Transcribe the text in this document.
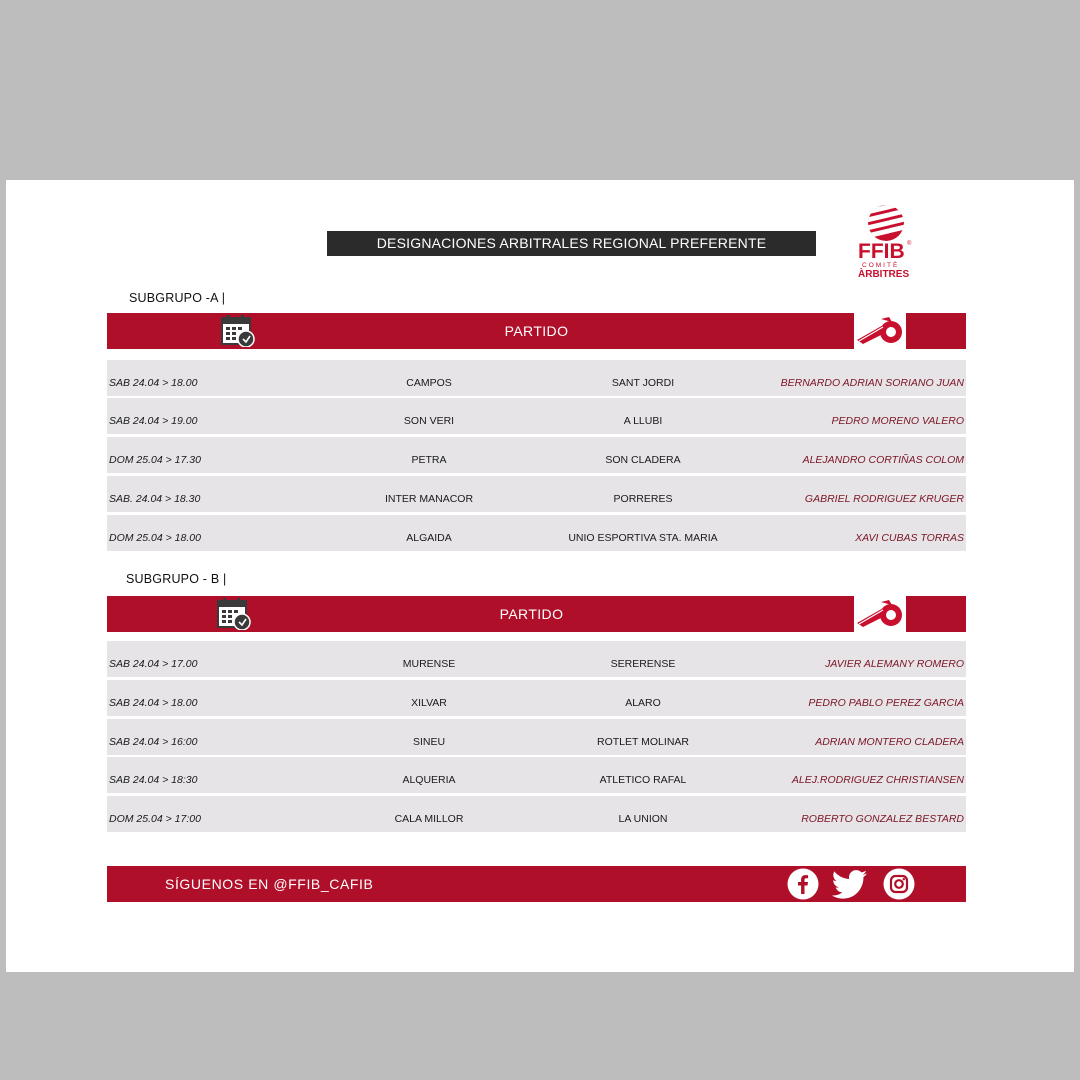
DESIGNACIONES ARBITRALES REGIONAL PREFERENTE	FFIB ®
COMITÈ
ÀRBITRES
SUBGRUPO -A |
PARTIDO
SAB 24.04 > 18.00	CAMPOS	SANT JORDI	BERNARDO ADRIAN SORIANO JUAN
SAB 24.04 > 19.00	SON VERI	A LLUBI	PEDRO MORENO VALERO
DOM 25.04 > 17.30	PETRA	SON CLADERA	ALEJANDRO CORTIÑAS COLOM
SAB. 24.04 > 18.30	INTER MANACOR	PORRERES	GABRIEL RODRIGUEZ KRUGER
DOM 25.04 > 18.00	ALGAIDA	UNIO ESPORTIVA STA. MARIA	XAVI CUBAS TORRAS
SUBGRUPO - B |
PARTIDO
SAB 24.04 > 17.00	MURENSE	SERERENSE	JAVIER ALEMANY ROMERO
SAB 24.04 > 18.00	XILVAR	ALARO	PEDRO PABLO PEREZ GARCIA
SAB 24.04 > 16:00	SINEU	ROTLET MOLINAR	ADRIAN MONTERO CLADERA
SAB 24.04 > 18:30	ALQUERIA	ATLETICO RAFAL	ALEJ.RODRIGUEZ CHRISTIANSEN
DOM 25.04 > 17:00	CALA MILLOR	LA UNION	ROBERTO GONZALEZ BESTARD
SÍGUENOS EN @FFIB_CAFIB
